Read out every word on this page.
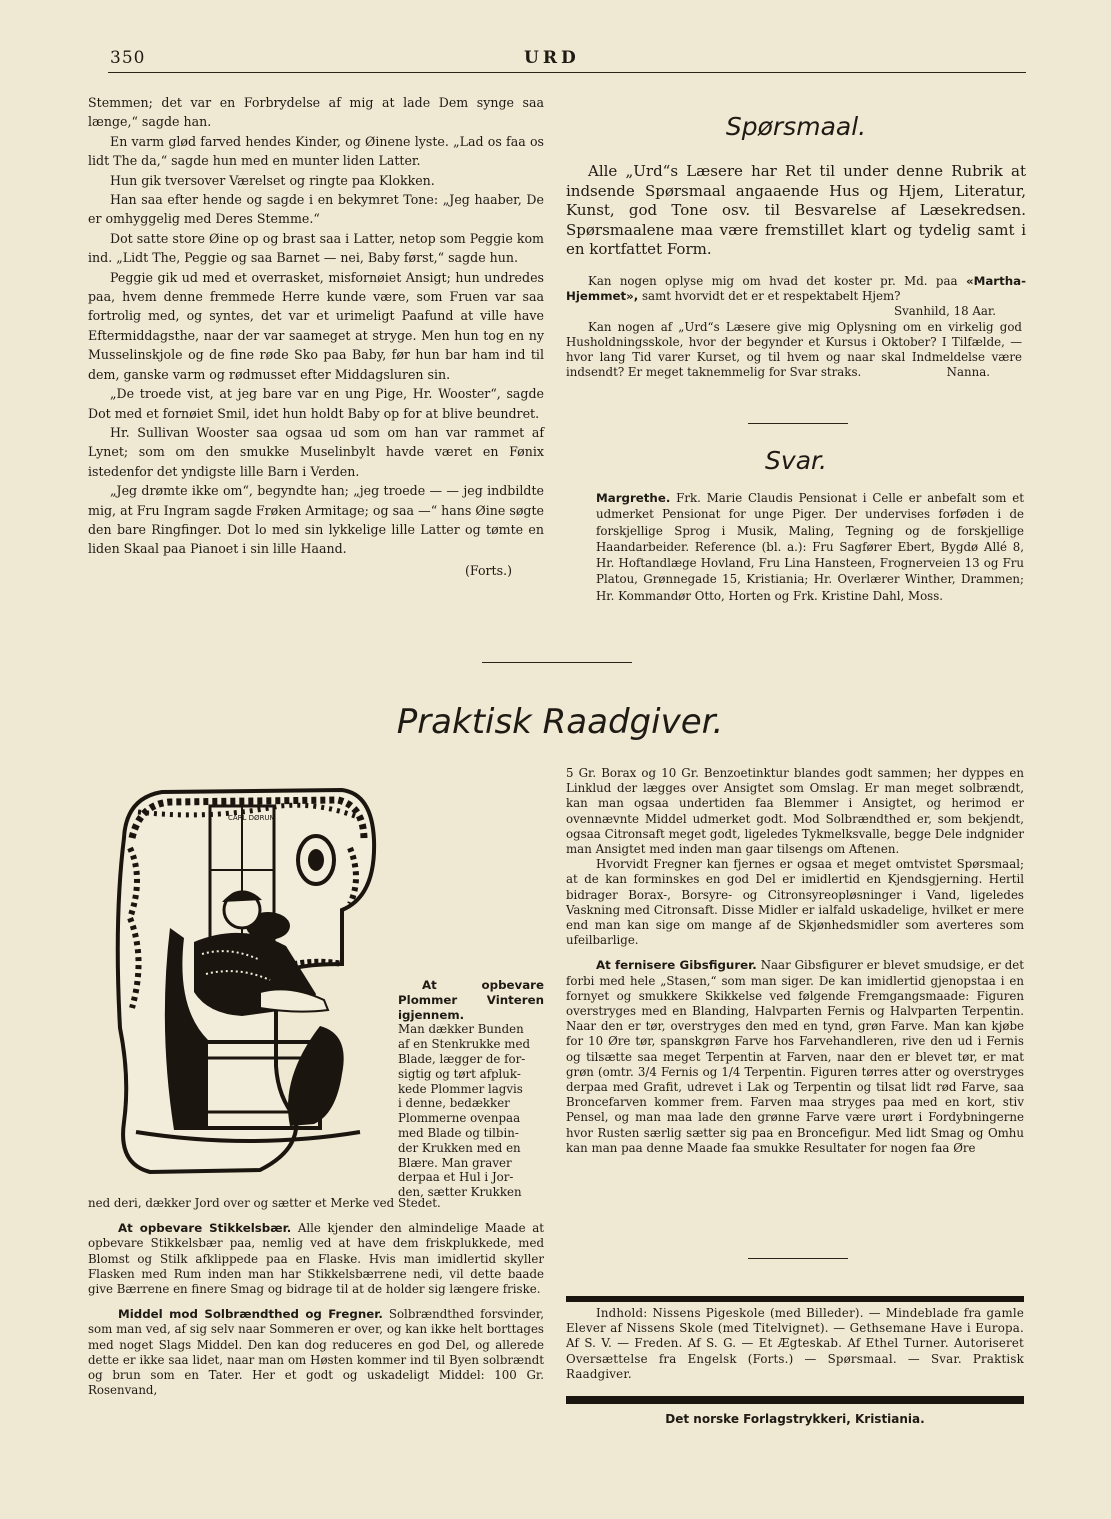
350	URD

Stemmen; det var en Forbrydelse af mig at lade Dem synge saa længe,“ sagde han.

En varm glød farved hendes Kinder, og Øinene lyste. „Lad os faa os lidt The da,“ sagde hun med en munter liden Latter.

Hun gik tversover Værelset og ringte paa Klokken.

Han saa efter hende og sagde i en bekymret Tone: „Jeg haaber, De er omhyggelig med Deres Stemme.“

Dot satte store Øine op og brast saa i Latter, netop som Peggie kom ind. „Lidt The, Peggie og saa Barnet — nei, Baby først,“ sagde hun.

Peggie gik ud med et overrasket, misfornøiet Ansigt; hun undredes paa, hvem denne fremmede Herre kunde være, som Fruen var saa fortrolig med, og syntes, det var et urimeligt Paafund at ville have Eftermiddagsthe, naar der var saameget at stryge. Men hun tog en ny Musselinskjole og de fine røde Sko paa Baby, før hun bar ham ind til dem, ganske varm og rødmusset efter Middagsluren sin.

„De troede vist, at jeg bare var en ung Pige, Hr. Wooster“, sagde Dot med et fornøiet Smil, idet hun holdt Baby op for at blive beundret.

Hr. Sullivan Wooster saa ogsaa ud som om han var rammet af Lynet; som om den smukke Muselinbylt havde været en Fønix istedenfor det yndigste lille Barn i Verden.

„Jeg drømte ikke om“, begyndte han; „jeg troede — — jeg indbildte mig, at Fru Ingram sagde Frøken Armitage; og saa —“ hans Øine søgte den bare Ringfinger. Dot lo med sin lykkelige lille Latter og tømte en liden Skaal paa Pianoet i sin lille Haand.

(Forts.)

Spørsmaal.

Alle „Urd“s Læsere har Ret til under denne Rubrik at indsende Spørsmaal angaaende Hus og Hjem, Literatur, Kunst, god Tone osv. til Besvarelse af Læsekredsen. Spørsmaalene maa være fremstillet klart og tydelig samt i en kortfattet Form.

Kan nogen oplyse mig om hvad det koster pr. Md. paa «Martha-Hjemmet», samt hvorvidt det er et respektabelt Hjem?

Svanhild, 18 Aar.

Kan nogen af „Urd“s Læsere give mig Oplysning om en virkelig god Husholdningsskole, hvor der begynder et Kursus i Oktober? I Tilfælde, — hvor lang Tid varer Kurset, og til hvem og naar skal Indmeldelse være indsendt? Er meget taknemmelig for Svar straks.	Nanna.

Svar.

Margrethe. Frk. Marie Claudis Pensionat i Celle er anbefalt som et udmerket Pensionat for unge Piger. Der undervises forføden i de forskjellige Sprog i Musik, Maling, Tegning og de forskjellige Haandarbeider. Reference (bl. a.): Fru Sagfører Ebert, Bygdø Allé 8, Hr. Hoftandlæge Hovland, Fru Lina Hansteen, Frognerveien 13 og Fru Platou, Grønnegade 15, Kristiania; Hr. Overlærer Winther, Drammen; Hr. Kommandør Otto, Horten og Frk. Kristine Dahl, Moss.

Praktisk Raadgiver.
CARL DØRUM

At opbevare Plommer Vinteren igjennem.

Man dækker Bunden
af en Stenkrukke med
Blade, lægger de for-
sigtig og tørt afpluk-
kede Plommer lagvis
i denne, bedækker
Plommerne ovenpaa
med Blade og tilbin-
der Krukken med en
Blære. Man graver
derpaa et Hul i Jor-
den, sætter Krukken

ned deri, dækker Jord over og sætter et Merke ved Stedet.

At opbevare Stikkelsbær. Alle kjender den almindelige Maade at opbevare Stikkelsbær paa, nemlig ved at have dem friskplukkede, med Blomst og Stilk afklippede paa en Flaske. Hvis man imidlertid skyller Flasken med Rum inden man har Stikkelsbærrene nedi, vil dette baade give Bærrene en finere Smag og bidrage til at de holder sig længere friske.

Middel mod Solbrændthed og Fregner. Solbrændthed forsvinder, som man ved, af sig selv naar Sommeren er over, og kan ikke helt borttages med noget Slags Middel. Den kan dog reduceres en god Del, og allerede dette er ikke saa lidet, naar man om Høsten kommer ind til Byen solbrændt og brun som en Tater. Her et godt og uskadeligt Middel: 100 Gr. Rosenvand,

5 Gr. Borax og 10 Gr. Benzoetinktur blandes godt sammen; her dyppes en Linklud der lægges over Ansigtet som Omslag. Er man meget solbrændt, kan man ogsaa undertiden faa Blemmer i Ansigtet, og herimod er ovennævnte Middel udmerket godt. Mod Solbrændthed er, som bekjendt, ogsaa Citronsaft meget godt, ligeledes Tykmelksvalle, begge Dele indgnider man Ansigtet med inden man gaar tilsengs om Aftenen.

Hvorvidt Fregner kan fjernes er ogsaa et meget omtvistet Spørsmaal; at de kan forminskes en god Del er imidlertid en Kjendsgjerning. Hertil bidrager Borax-, Borsyre- og Citronsyreopløsninger i Vand, ligeledes Vaskning med Citronsaft. Disse Midler er ialfald uskadelige, hvilket er mere end man kan sige om mange af de Skjønhedsmidler som averteres som ufeilbarlige.

At fernisere Gibsfigurer. Naar Gibsfigurer er blevet smudsige, er det forbi med hele „Stasen,“ som man siger. De kan imidlertid gjenopstaa i en fornyet og smukkere Skikkelse ved følgende Fremgangsmaade: Figuren overstryges med en Blanding, Halvparten Fernis og Halvparten Terpentin. Naar den er tør, overstryges den med en tynd, grøn Farve. Man kan kjøbe for 10 Øre tør, spanskgrøn Farve hos Farvehandleren, rive den ud i Fernis og tilsætte saa meget Terpentin at Farven, naar den er blevet tør, er mat grøn (omtr. 3/4 Fernis og 1/4 Terpentin. Figuren tørres atter og overstryges derpaa med Grafit, udrevet i Lak og Terpentin og tilsat lidt rød Farve, saa Broncefarven kommer frem. Farven maa stryges paa med en kort, stiv Pensel, og man maa lade den grønne Farve være urørt i Fordybningerne hvor Rusten særlig sætter sig paa en Broncefigur. Med lidt Smag og Omhu kan man paa denne Maade faa smukke Resultater for nogen faa Øre

Indhold: Nissens Pigeskole (med Billeder). — Mindeblade fra gamle Elever af Nissens Skole (med Titelvignet). — Gethsemane Have i Europa. Af S. V. — Freden. Af S. G. — Et Ægteskab. Af Ethel Turner. Autoriseret Oversættelse fra Engelsk (Forts.) — Spørsmaal. — Svar. Praktisk Raadgiver.

Det norske Forlagstrykkeri, Kristiania.
